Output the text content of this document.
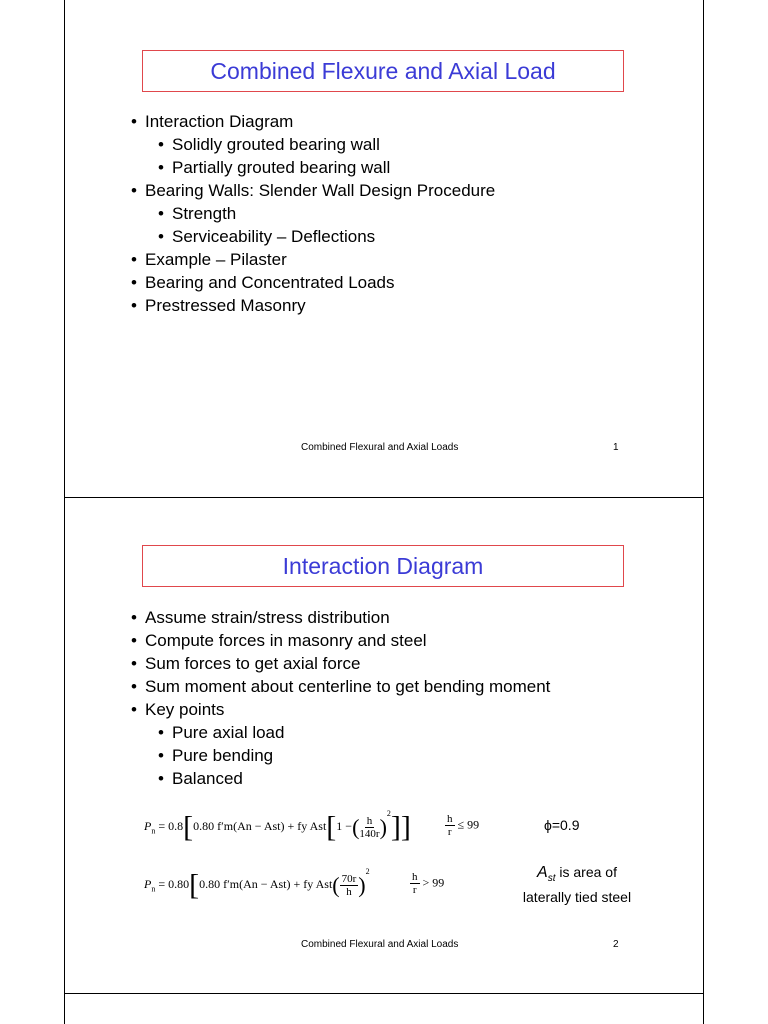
Combined Flexure and Axial Load
• Interaction Diagram
• Solidly grouted bearing wall
• Partially grouted bearing wall
• Bearing Walls: Slender Wall Design Procedure
• Strength
• Serviceability – Deflections
• Example – Pilaster
• Bearing and Concentrated Loads
• Prestressed Masonry
Combined Flexural and Axial Loads	1
Interaction Diagram
• Assume strain/stress distribution
• Compute forces in masonry and steel
• Sum forces to get axial force
• Sum moment about centerline to get bending moment
• Key points
• Pure axial load
• Pure bending
• Balanced
$P_n = 0.8[0.80$ f′m(An − Ast) + fy Ast[1 −( $\frac{h}{140r} )^2$]]	$\frac{h}{r} \le 99$	ϕ=0.9
$P_n = 0.80[0.80$ f′m(An − Ast) + fy $Ast( \frac{70r}{h} )^2$	$\frac{h}{r} > 99$
$A_{st}$ is area of
laterally tied steel
Combined Flexural and Axial Loads	2
